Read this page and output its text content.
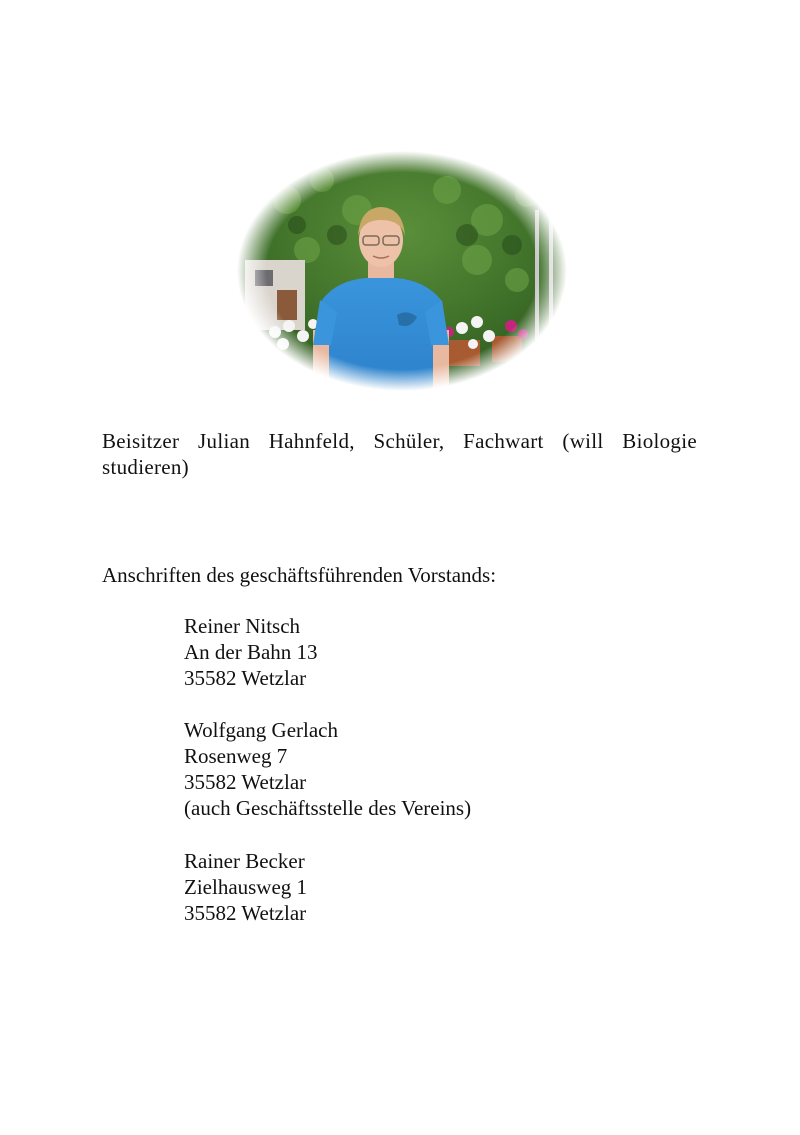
Beisitzer Julian Hahnfeld, Schüler, Fachwart (will Biologie studieren)

Anschriften des geschäftsführenden Vorstands:

Reiner Nitsch
An der Bahn 13
35582 Wetzlar
Wolfgang Gerlach
Rosenweg 7
35582 Wetzlar
(auch Geschäftsstelle des Vereins)
Rainer Becker
Zielhausweg 1
35582 Wetzlar
